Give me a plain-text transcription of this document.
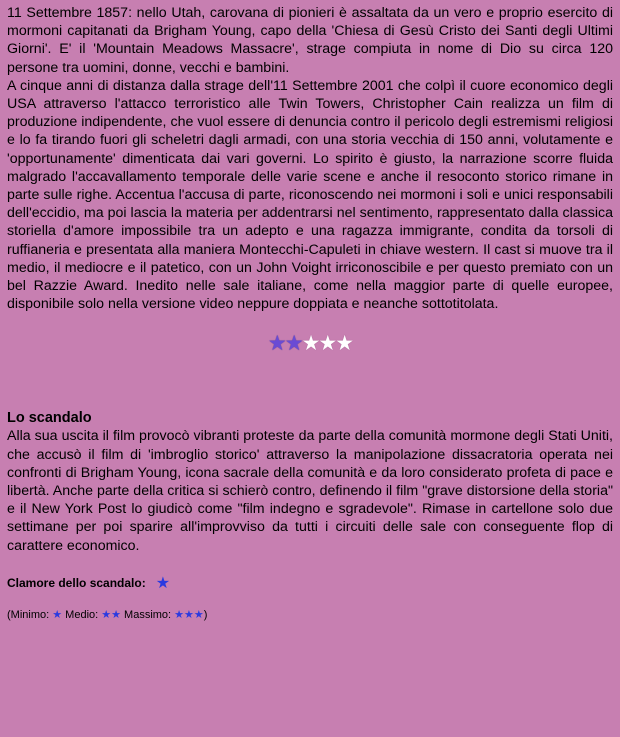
11 Settembre 1857: nello Utah, carovana di pionieri è assaltata da un vero e proprio esercito di mormoni capitanati da Brigham Young, capo della 'Chiesa di Gesù Cristo dei Santi degli Ultimi Giorni'. E' il 'Mountain Meadows Massacre', strage compiuta in nome di Dio su circa 120 persone tra uomini, donne, vecchi e bambini.

A cinque anni di distanza dalla strage dell'11 Settembre 2001 che colpì il cuore economico degli USA attraverso l'attacco terroristico alle Twin Towers, Christopher Cain realizza un film di produzione indipendente, che vuol essere di denuncia contro il pericolo degli estremismi religiosi e lo fa tirando fuori gli scheletri dagli armadi, con una storia vecchia di 150 anni, volutamente e 'opportunamente' dimenticata dai vari governi. Lo spirito è giusto, la narrazione scorre fluida malgrado l'accavallamento temporale delle varie scene e anche il resoconto storico rimane in parte sulle righe. Accentua l'accusa di parte, riconoscendo nei mormoni i soli e unici responsabili dell'eccidio, ma poi lascia la materia per addentrarsi nel sentimento, rappresentato dalla classica storiella d'amore impossibile tra un adepto e una ragazza immigrante, condita da torsoli di ruffianeria e presentata alla maniera Montecchi-Capuleti in chiave western. Il cast si muove tra il medio, il mediocre e il patetico, con un John Voight irriconoscibile e per questo premiato con un bel Razzie Award. Inedito nelle sale italiane, come nella maggior parte di quelle europee, disponibile solo nella versione video neppure doppiata e neanche sottotitolata.

★★★★★
Lo scandalo

Alla sua uscita il film provocò vibranti proteste da parte della comunità mormone degli Stati Uniti, che accusò il film di 'imbroglio storico' attraverso la manipolazione dissacratoria operata nei confronti di Brigham Young, icona sacrale della comunità e da loro considerato profeta di pace e libertà. Anche parte della critica si schierò contro, definendo il film "grave distorsione della storia" e il New York Post lo giudicò come "film indegno e sgradevole". Rimase in cartellone solo due settimane per poi sparire all'improvviso da tutti i circuiti delle sale con conseguente flop di carattere economico.

Clamore dello scandalo: ★
(Minimo: ★ Medio: ★★ Massimo: ★★★)
